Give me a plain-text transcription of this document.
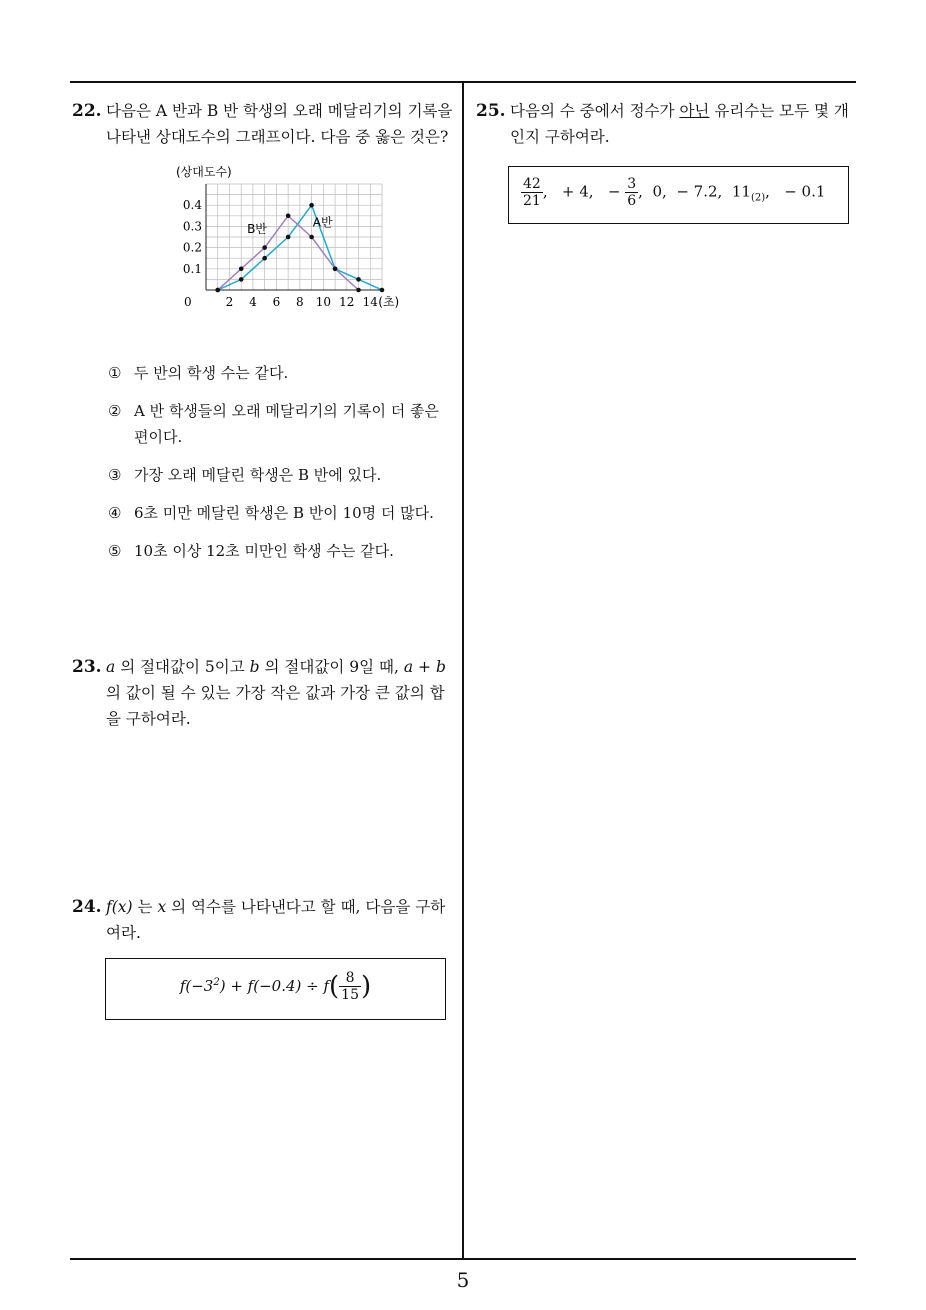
22. 다음은 A 반과 B 반 학생의 오래 메달리기의 기록을 나타낸 상대도수의 그래프이다. 다음 중 옳은 것은?
(상대도수)
0
0.1
0.2
0.3
0.4
2 4 6 8 10 12 14 (초)
A반
B반
① 두 반의 학생 수는 같다.
② A 반 학생들의 오래 메달리기의 기록이 더 좋은 편이다.
③ 가장 오래 메달린 학생은 B 반에 있다.
④ 6초 미만 메달린 학생은 B 반이 10명 더 많다.
⑤ 10초 이상 12초 미만인 학생 수는 같다.
23. a 의 절대값이 5이고 b 의 절대값이 9일 때, a + b의 값이 될 수 있는 가장 작은 값과 가장 큰 값의 합을 구하여라.
24. f(x) 는 x 의 역수를 나타낸다고 할 때, 다음을 구하여라.
$f(-3^2) + f(-0.4) \div f( \frac{8}{15}$ )
25. 다음의 수 중에서 정수가 아닌 유리수는 모두 몇 개인지 구하여라.
$\frac{42}{21}$ ,   + 4, − $\frac{3}{6}$ ,  0, − 7.2, $11_{(2)}$,   − 0.1
5
